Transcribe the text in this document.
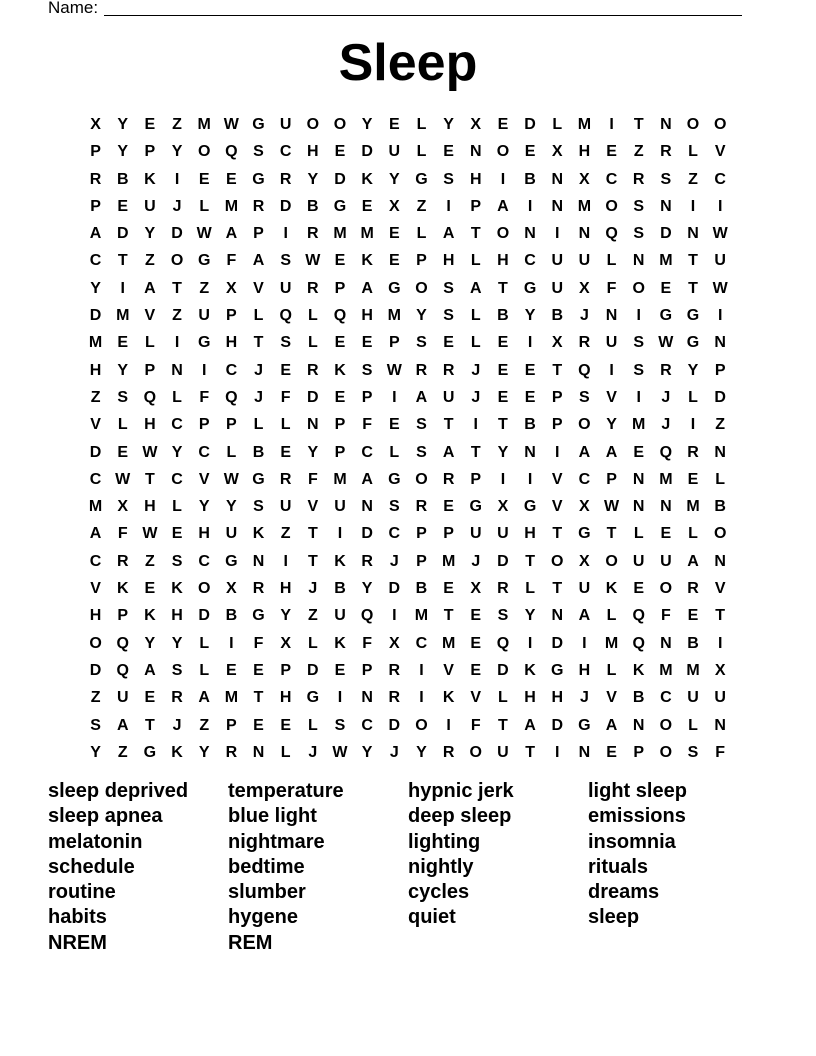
Name:
Sleep
X	Y	E	Z M W G U O O Y	E	L	Y	X	E	D	L M	I	T	N O O
P	Y	P	Y O Q S	C H	E	D U	L	E	N O E	X	H	E	Z	R	L	V
R B K	I	E	E G R	Y	D K	Y G S	H	I	B N	X	C R	S	Z	C
P	E	U	J	L M R D B G E	X	Z	I	P	A	I	N M O S	N	I	I
A D	Y	D W A	P	I	R M M E	L	A	T	O N	I	N Q S	D N W
C	T	Z	O G	F	A	S W E	K	E	P	H	L	H C U U	L	N M T	U
Y	I	A	T	Z	X	V	U R	P	A G O S	A	T	G U	X	F	O E	T W
D M V	Z	U	P	L	Q	L	Q H M Y	S	L	B	Y	B	J	N	I	G G	I
M E	L	I	G H	T	S	L	E	E	P	S	E	L	E	I	X	R U	S W G N
H	Y	P	N	I	C	J	E	R K	S W R R	J	E	E	T	Q	I	S	R	Y	P
Z	S Q	L	F	Q	J	F	D	E	P	I	A U	J	E	E	P	S	V	I	J	L	D
V	L	H C	P	P	L	L	N	P	F	E	S	T	I	T	B	P O Y M	J	I	Z
D	E W Y	C	L	B	E	Y	P	C	L	S	A	T	Y	N	I	A A	E Q R N
C W T	C	V W G R	F M A G O R	P	I	I	V	C	P	N M E	L
M X	H	L	Y	Y	S	U	V	U N	S	R	E G X G V	X W N N M B
A	F W E	H U K	Z	T	I	D C	P	P	U U H	T	G	T	L	E	L	O
C R	Z	S	C G N	I	T	K R	J	P M	J	D	T	O X O U U A N
V	K	E	K O X	R H	J	B	Y	D B	E	X	R	L	T	U K	E O R	V
H	P	K H D B G Y	Z	U Q	I	M T	E	S	Y	N A	L	Q	F	E	T
O Q Y	Y	L	I	F	X	L	K	F	X	C M E Q	I	D	I	M Q N B	I
D Q A	S	L	E	E	P	D	E	P	R	I	V	E	D K G H	L	K M M X
Z	U	E	R A M T	H G	I	N R	I	K	V	L	H H	J	V	B C U U
S	A	T	J	Z	P	E	E	L	S	C D O	I	F	T	A D G A N O	L	N
Y	Z	G K	Y	R N	L	J W Y	J	Y	R O U	T	I	N	E	P O S	F
sleep deprived
sleep apnea
melatonin
schedule
routine
habits
NREM
temperature
blue light
nightmare
bedtime
slumber
hygene
REM
hypnic jerk
deep sleep
lighting
nightly
cycles
quiet
light sleep
emissions
insomnia
rituals
dreams
sleep
